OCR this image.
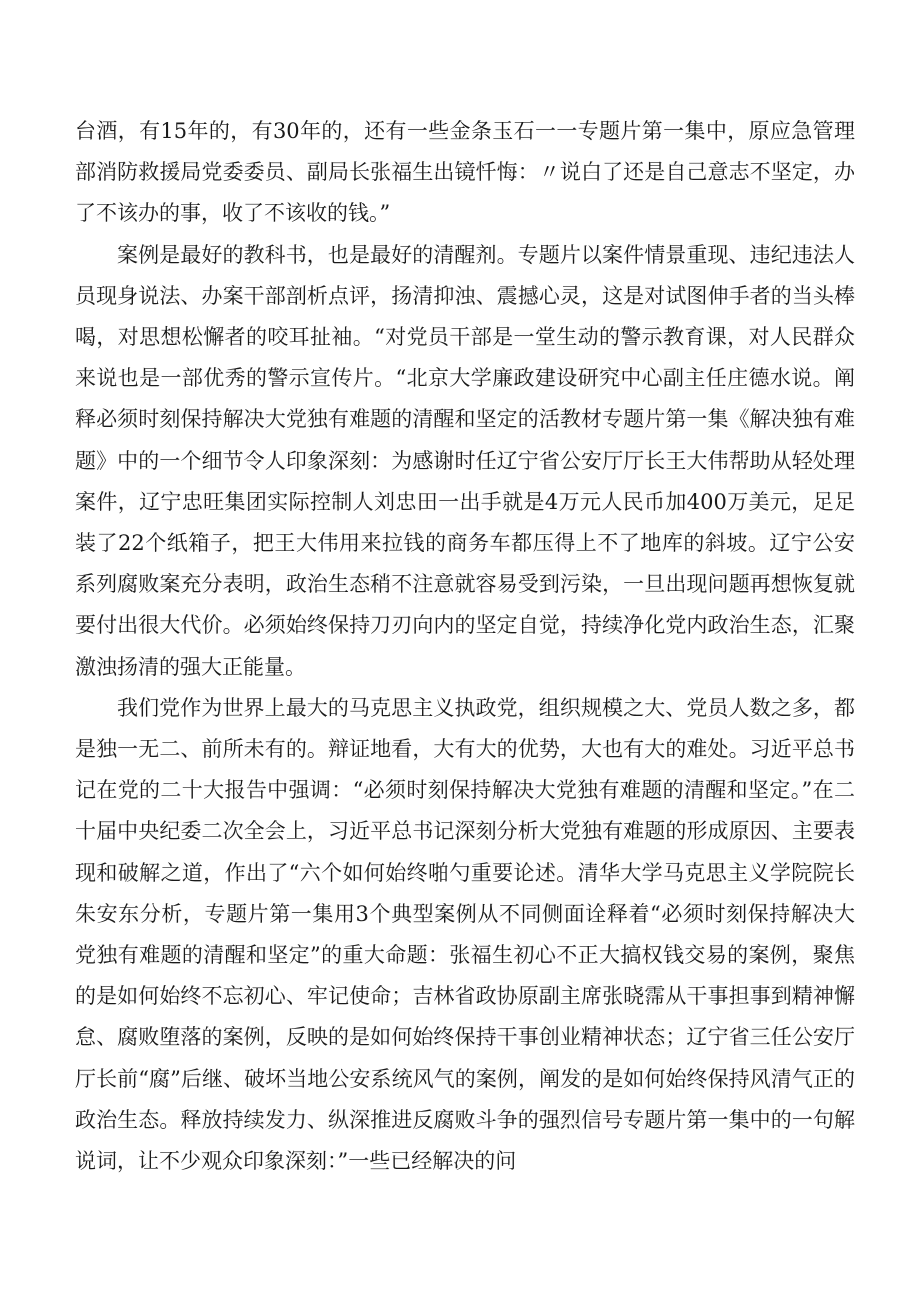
台酒，有15年的，有30年的，还有一些金条玉石一一专题片第一集中，原应急管理部消防救援局党委委员、副局长张福生出镜忏悔：〃说白了还是自己意志不坚定，办了不该办的事，收了不该收的钱。”

案例是最好的教科书，也是最好的清醒剂。专题片以案件情景重现、违纪违法人员现身说法、办案干部剖析点评，扬清抑浊、震撼心灵，这是对试图伸手者的当头棒喝，对思想松懈者的咬耳扯袖。“对党员干部是一堂生动的警示教育课，对人民群众来说也是一部优秀的警示宣传片。“北京大学廉政建设研究中心副主任庄德水说。阐释必须时刻保持解决大党独有难题的清醒和坚定的活教材专题片第一集《解决独有难题》中的一个细节令人印象深刻：为感谢时任辽宁省公安厅厅长王大伟帮助从轻处理案件，辽宁忠旺集团实际控制人刘忠田一出手就是4万元人民币加400万美元，足足装了22个纸箱子，把王大伟用来拉钱的商务车都压得上不了地库的斜坡。辽宁公安系列腐败案充分表明，政治生态稍不注意就容易受到污染，一旦出现问题再想恢复就要付出很大代价。必须始终保持刀刃向内的坚定自觉，持续净化党内政治生态，汇聚激浊扬清的强大正能量。

我们党作为世界上最大的马克思主义执政党，组织规模之大、党员人数之多，都是独一无二、前所未有的。辩证地看，大有大的优势，大也有大的难处。习近平总书记在党的二十大报告中强调：“必须时刻保持解决大党独有难题的清醒和坚定。”在二十届中央纪委二次全会上，习近平总书记深刻分析大党独有难题的形成原因、主要表现和破解之道，作出了“六个如何始终啪勺重要论述。清华大学马克思主义学院院长朱安东分析，专题片第一集用3个典型案例从不同侧面诠释着“必须时刻保持解决大党独有难题的清醒和坚定”的重大命题：张福生初心不正大搞权钱交易的案例，聚焦的是如何始终不忘初心、牢记使命；吉林省政协原副主席张晓霈从干事担事到精神懈怠、腐败堕落的案例，反映的是如何始终保持干事创业精神状态；辽宁省三任公安厅厅长前“腐”后继、破坏当地公安系统风气的案例，阐发的是如何始终保持风清气正的政治生态。释放持续发力、纵深推进反腐败斗争的强烈信号专题片第一集中的一句解说词，让不少观众印象深刻：”一些已经解决的问
